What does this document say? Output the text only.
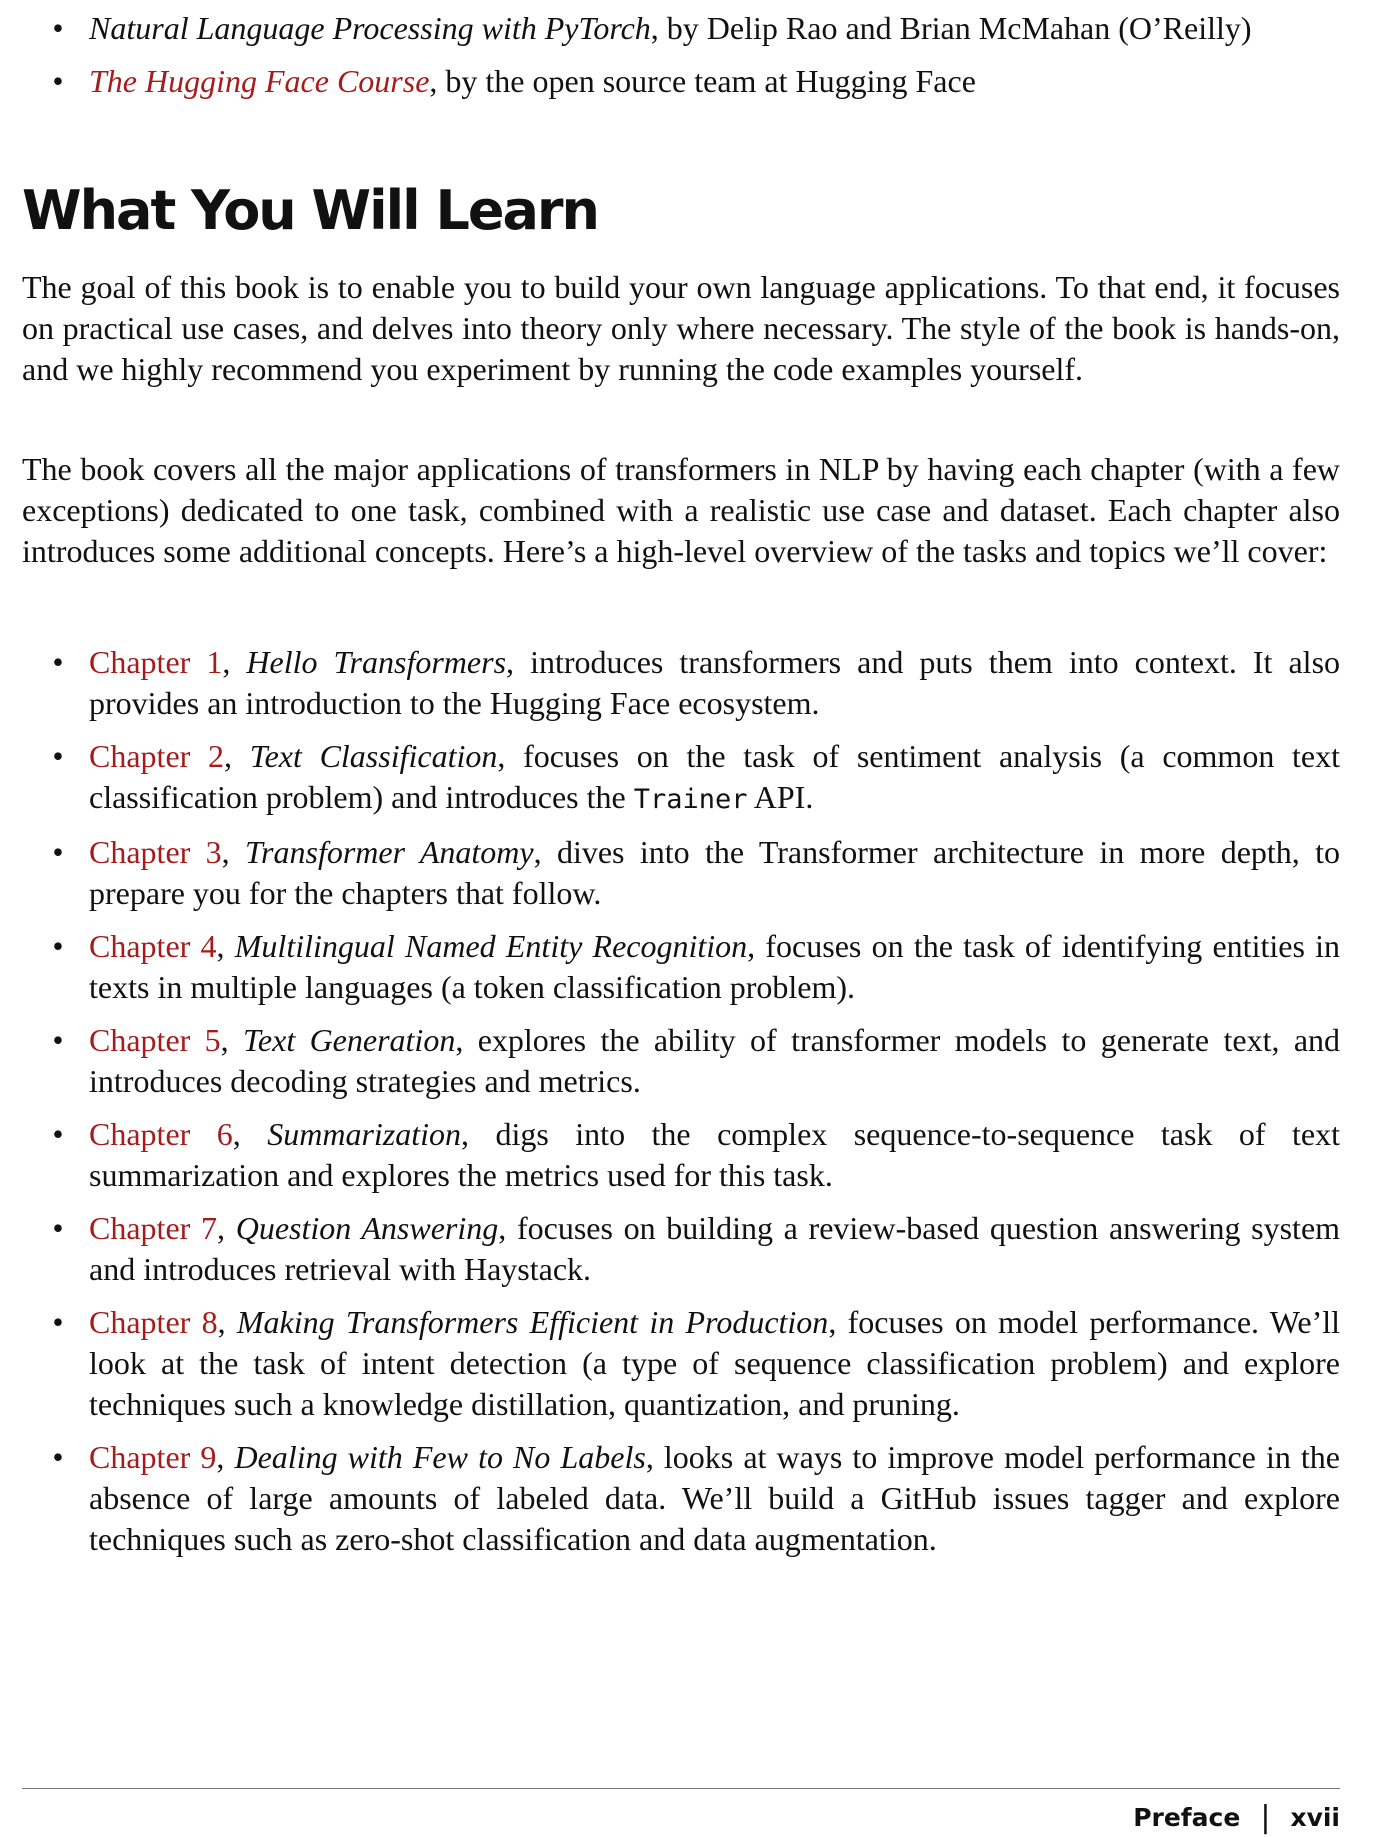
• Natural Language Processing with PyTorch, by Delip Rao and Brian McMahan (O’Reilly)
• The Hugging Face Course, by the open source team at Hugging Face
What You Will Learn

The goal of this book is to enable you to build your own language applications. To that end, it focuses on practical use cases, and delves into theory only where necessary. The style of the book is hands-on, and we highly recommend you experiment by running the code examples yourself.

The book covers all the major applications of transformers in NLP by having each chapter (with a few exceptions) dedicated to one task, combined with a realistic use case and dataset. Each chapter also introduces some additional concepts. Here’s a high-level overview of the tasks and topics we’ll cover:

• Chapter 1, Hello Transformers, introduces transformers and puts them into context. It also provides an introduction to the Hugging Face ecosystem.
• Chapter 2, Text Classification, focuses on the task of sentiment analysis (a common text classification problem) and introduces the Trainer API.
• Chapter 3, Transformer Anatomy, dives into the Transformer architecture in more depth, to prepare you for the chapters that follow.
• Chapter 4, Multilingual Named Entity Recognition, focuses on the task of identifying entities in texts in multiple languages (a token classification problem).
• Chapter 5, Text Generation, explores the ability of transformer models to generate text, and introduces decoding strategies and metrics.
• Chapter 6, Summarization, digs into the complex sequence-to-sequence task of text summarization and explores the metrics used for this task.
• Chapter 7, Question Answering, focuses on building a review-based question answering system and introduces retrieval with Haystack.
• Chapter 8, Making Transformers Efficient in Production, focuses on model performance. We’ll look at the task of intent detection (a type of sequence classification problem) and explore techniques such a knowledge distillation, quantization, and pruning.
• Chapter 9, Dealing with Few to No Labels, looks at ways to improve model performance in the absence of large amounts of labeled data. We’ll build a GitHub issues tagger and explore techniques such as zero-shot classification and data augmentation.
Preface | xvii
